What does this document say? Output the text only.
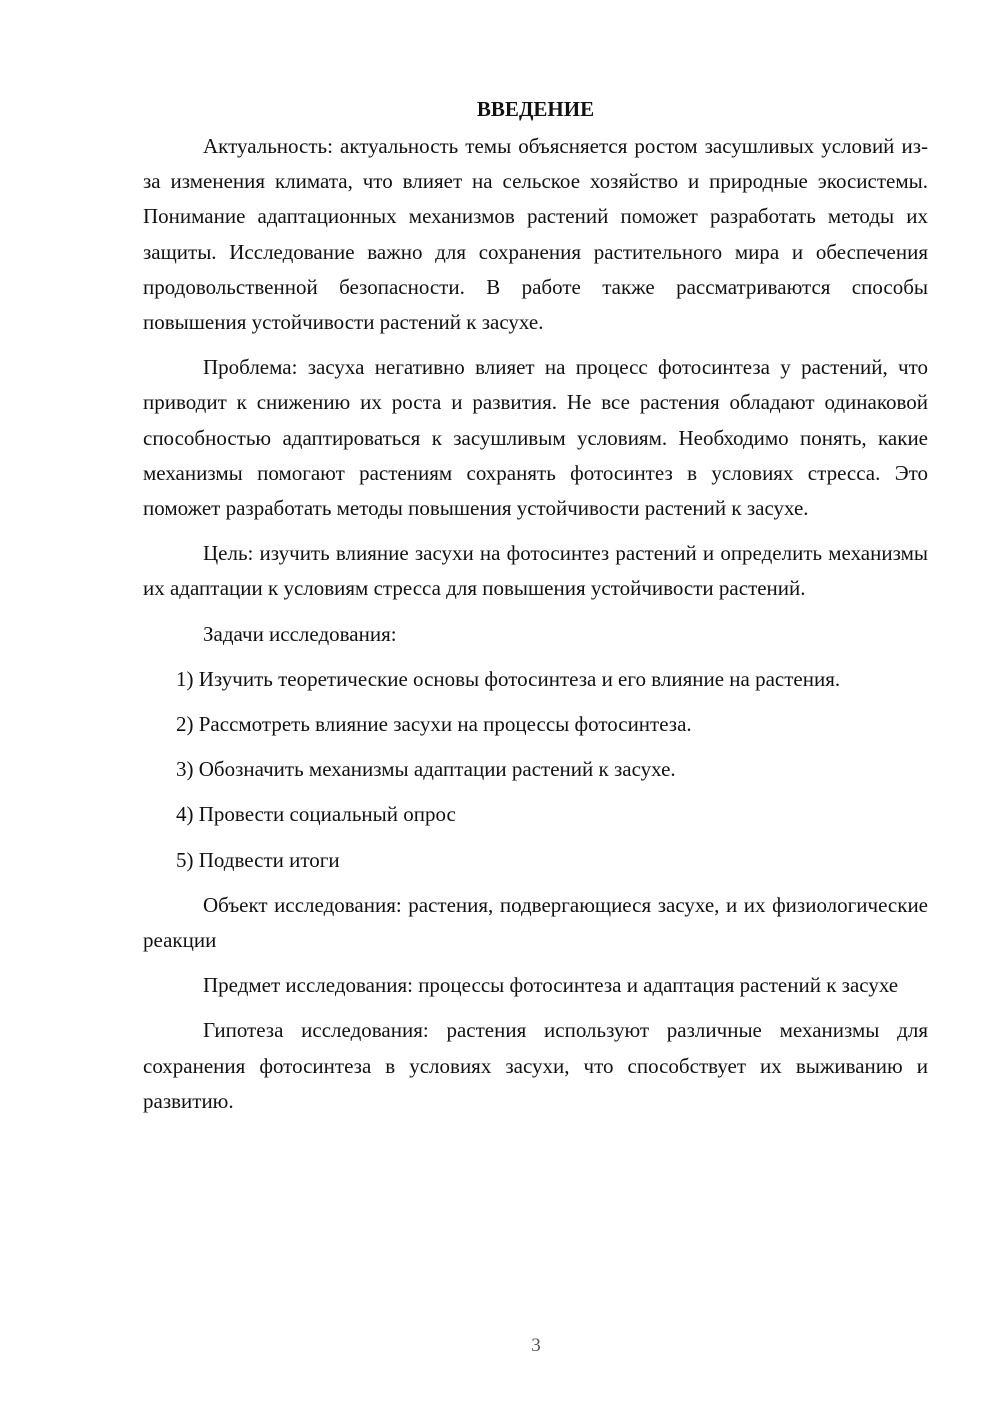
ВВЕДЕНИЕ

Актуальность: актуальность темы объясняется ростом засушливых условий из-за изменения климата, что влияет на сельское хозяйство и природные экосистемы. Понимание адаптационных механизмов растений поможет разработать методы их защиты. Исследование важно для сохранения растительного мира и обеспечения продовольственной безопасности. В работе также рассматриваются способы повышения устойчивости растений к засухе.

Проблема: засуха негативно влияет на процесс фотосинтеза у растений, что приводит к снижению их роста и развития. Не все растения обладают одинаковой способностью адаптироваться к засушливым условиям. Необходимо понять, какие механизмы помогают растениям сохранять фотосинтез в условиях стресса. Это поможет разработать методы повышения устойчивости растений к засухе.

Цель: изучить влияние засухи на фотосинтез растений и определить механизмы их адаптации к условиям стресса для повышения устойчивости растений.

Задачи исследования:

1) Изучить теоретические основы фотосинтеза и его влияние на растения.

2) Рассмотреть влияние засухи на процессы фотосинтеза.

3) Обозначить механизмы адаптации растений к засухе.

4) Провести социальный опрос

5) Подвести итоги

Объект исследования: растения, подвергающиеся засухе, и их физиологические реакции

Предмет исследования: процессы фотосинтеза и адаптация растений к засухе

Гипотеза исследования: растения используют различные механизмы для сохранения фотосинтеза в условиях засухи, что способствует их выживанию и развитию.

3
